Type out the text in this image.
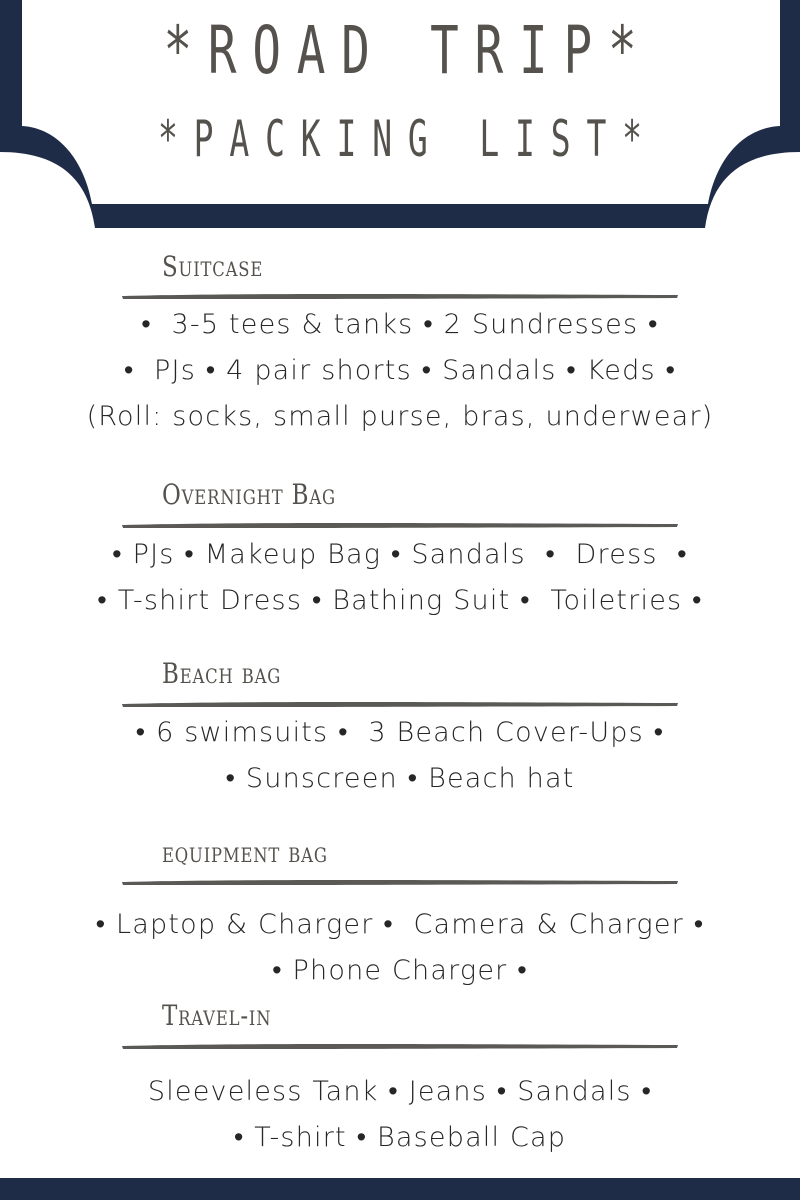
*ROAD TRIP*
*PACKING LIST*
Suitcase
•  3-5 tees & tanks • 2 Sundresses •
•  PJs • 4 pair shorts • Sandals • Keds •
(Roll: socks, small purse, bras, underwear)
Overnight Bag
• PJs • Makeup Bag • Sandals  •  Dress  •
• T-shirt Dress • Bathing Suit •  Toiletries •
Beach bag
• 6 swimsuits •  3 Beach Cover-Ups •
• Sunscreen • Beach hat
equipment bag
• Laptop & Charger •  Camera & Charger •
• Phone Charger •
Travel-in
Sleeveless Tank • Jeans • Sandals •
• T-shirt • Baseball Cap
